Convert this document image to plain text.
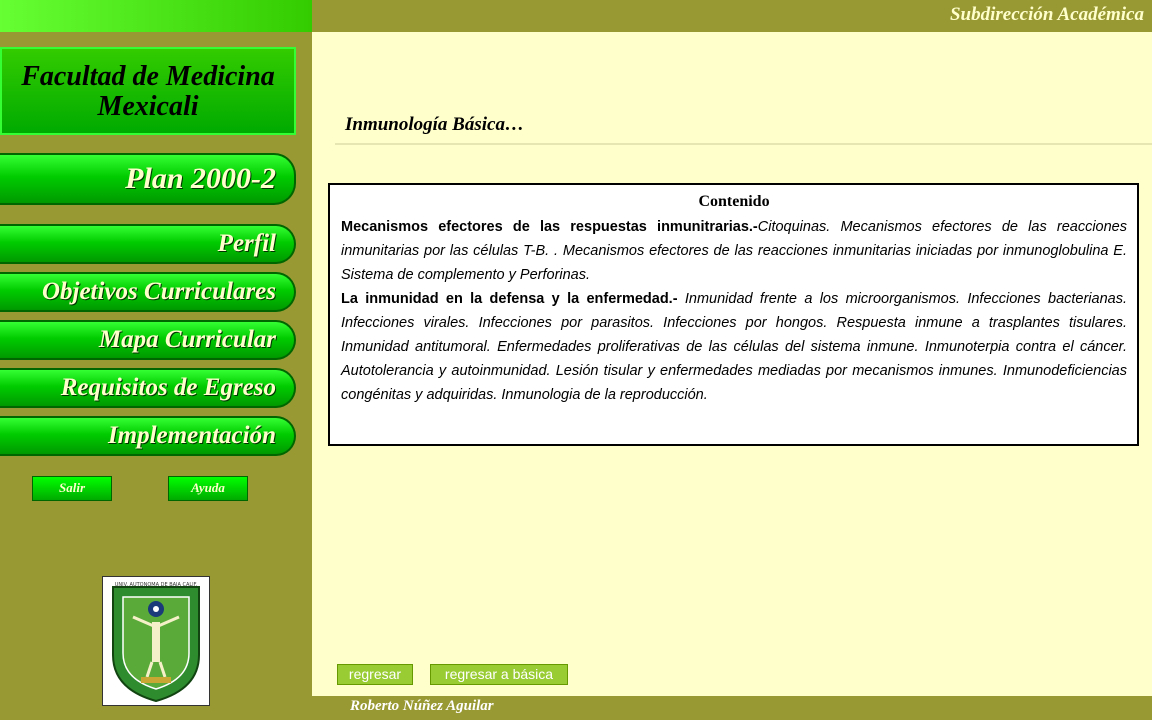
Subdirección Académica
Facultad de Medicina
Mexicali
Plan 2000-2
Perfil
Objetivos Curriculares
Mapa Curricular
Requisitos de Egreso
Implementación
Salir	Ayuda
UNIV. AUTONOMA DE BAJA CALIF.
Inmunología Básica…
Contenido

Mecanismos efectores de las respuestas inmunitrarias.-Citoquinas. Mecanismos efectores de las reacciones inmunitarias por las células T-B. . Mecanismos efectores de las reacciones inmunitarias iniciadas por inmunoglobulina E. Sistema de complemento y Perforinas.

La inmunidad en la defensa y la enfermedad.- Inmunidad frente a los microorganismos. Infecciones bacterianas. Infecciones virales. Infecciones por parasitos. Infecciones por hongos. Respuesta inmune a trasplantes tisulares. Inmunidad antitumoral. Enfermedades proliferativas de las células del sistema inmune. Inmunoterpia contra el cáncer. Autotolerancia y autoinmunidad. Lesión tisular y enfermedades mediadas por mecanismos inmunes. Inmunodeficiencias congénitas y adquiridas. Inmunologia de la reproducción.

regresar	regresar a básica
Roberto Núñez Aguilar
